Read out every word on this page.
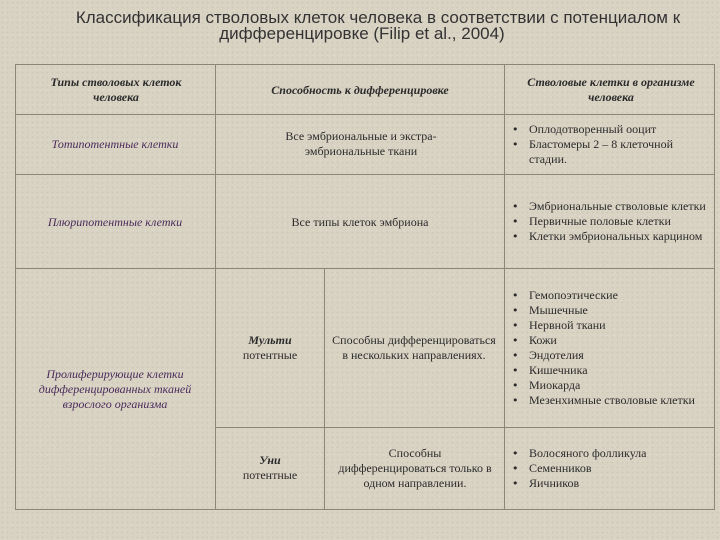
Классификация стволовых клеток человека в соответствии с потенциалом к
дифференцировке (Filip et al., 2004)
Типы стволовых клеток человека
Способность к дифференцировке
Стволовые клетки в организме человека
Тотипотентные клетки
Все эмбриональные и экстра-эмбриональные ткани
• Оплодотворенный ооцит
• Бластомеры 2 – 8 клеточной стадии.
Плюрипотентные клетки	Все типы клеток эмбриона
• Эмбриональные стволовые клетки
• Первичные половые клетки
• Клетки эмбриональных карцином
Пролиферирующие клетки дифференцированных тканей взрослого организма
Мульти
потентные
Способны дифференцироваться в нескольких направлениях.
• Гемопоэтические
• Мышечные
• Нервной ткани
• Кожи
• Эндотелия
• Кишечника
• Миокарда
• Мезенхимные стволовые клетки
Уни
потентные
Способны дифференцироваться только в одном направлении.
• Волосяного фолликула
• Семенников
• Яичников
